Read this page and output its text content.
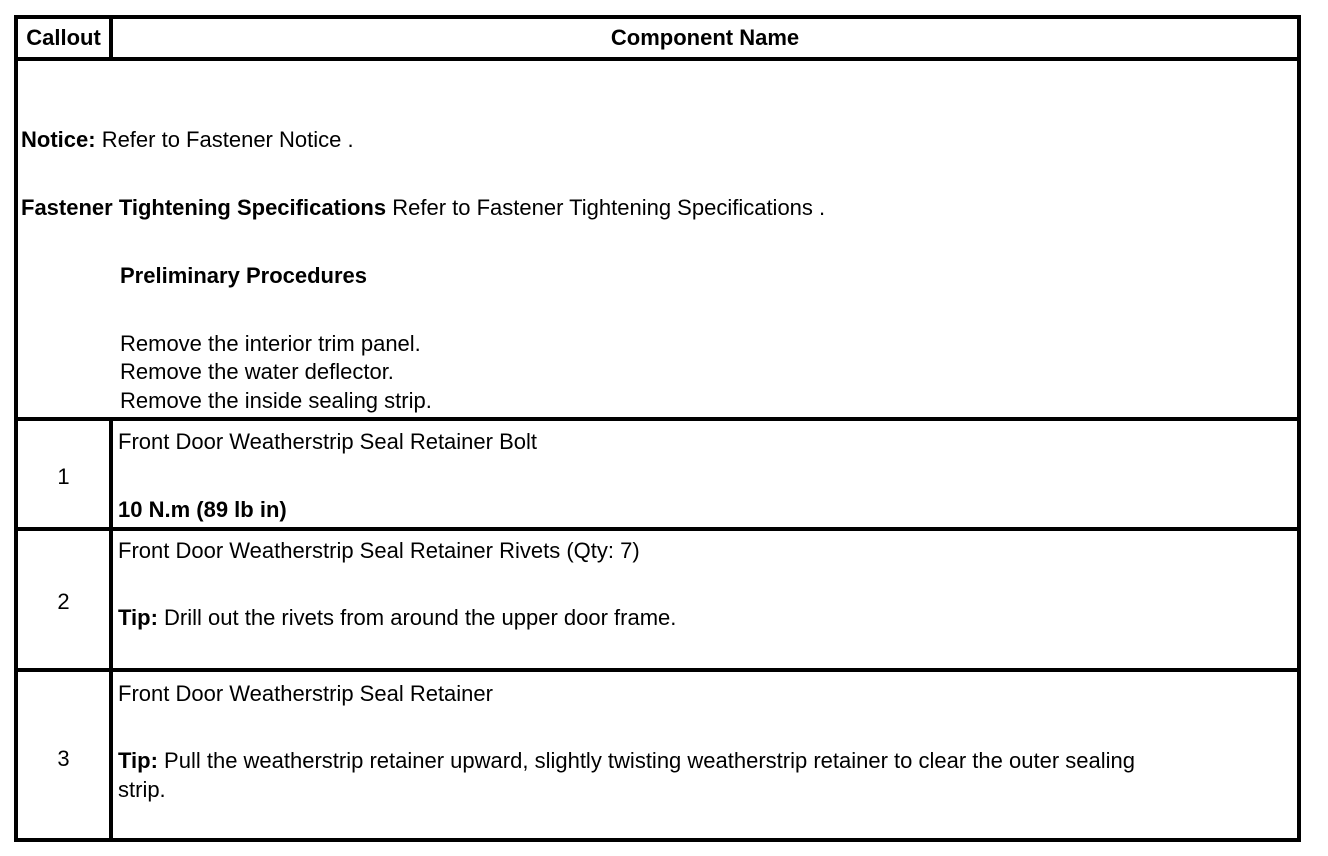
Callout	Component Name
Notice: Refer to Fastener Notice .
Fastener Tightening Specifications Refer to Fastener Tightening Specifications .
Preliminary Procedures
Remove the interior trim panel.
Remove the water deflector.
Remove the inside sealing strip.
1
Front Door Weatherstrip Seal Retainer Bolt
10 N.m (89 lb in)
2
Front Door Weatherstrip Seal Retainer Rivets (Qty: 7)
Tip: Drill out the rivets from around the upper door frame.
3
Front Door Weatherstrip Seal Retainer
Tip: Pull the weatherstrip retainer upward, slightly twisting weatherstrip retainer to clear the outer sealing
strip.
